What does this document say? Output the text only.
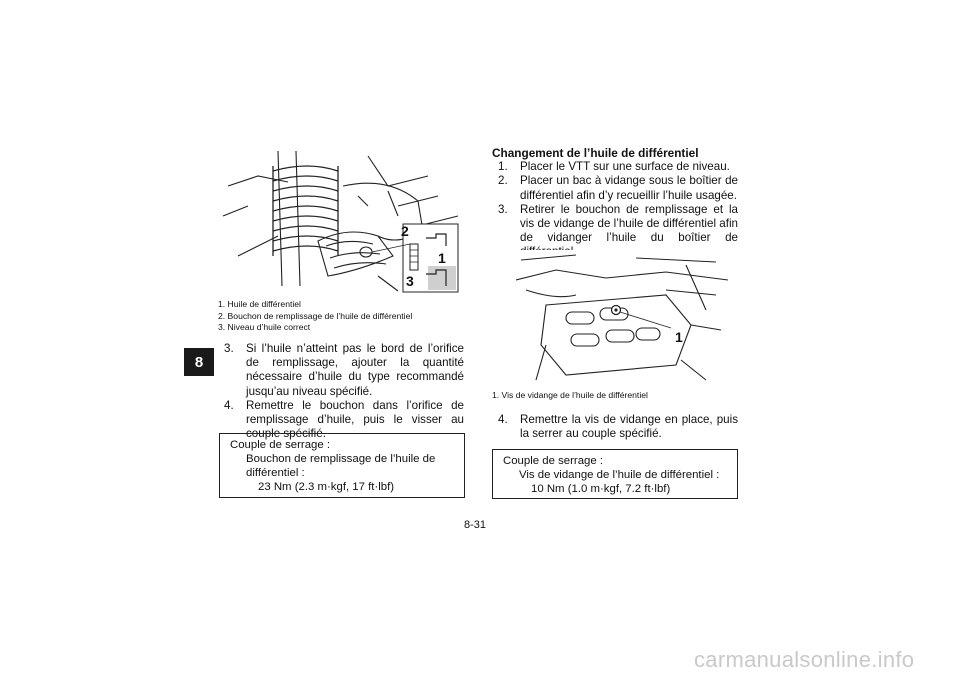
8
2
1
3
1. Huile de différentiel
2. Bouchon de remplissage de l’huile de différentiel
3. Niveau d’huile correct
3. Si l’huile n’atteint pas le bord de l’orifice de remplissage, ajouter la quantité nécessaire d’huile du type recommandé jusqu’au niveau spécifié.
4. Remettre le bouchon dans l’orifice de remplissage d’huile, puis le visser au couple spécifié.
Couple de serrage :
Bouchon de remplissage de l’huile de
différentiel :
23 Nm (2.3 m·kgf, 17 ft·lbf)
Changement de l’huile de différentiel
1. Placer le VTT sur une surface de niveau.
2. Placer un bac à vidange sous le boîtier de différentiel afin d’y recueillir l’huile usagée.
3. Retirer le bouchon de remplissage et la vis de vidange de l’huile de différentiel afin de vidanger l’huile du boîtier de différentiel.
1
1. Vis de vidange de l’huile de différentiel
4. Remettre la vis de vidange en place, puis la serrer au couple spécifié.
Couple de serrage :
Vis de vidange de l’huile de différentiel :
10 Nm (1.0 m·kgf, 7.2 ft·lbf)
8-31
carmanualsonline.info
